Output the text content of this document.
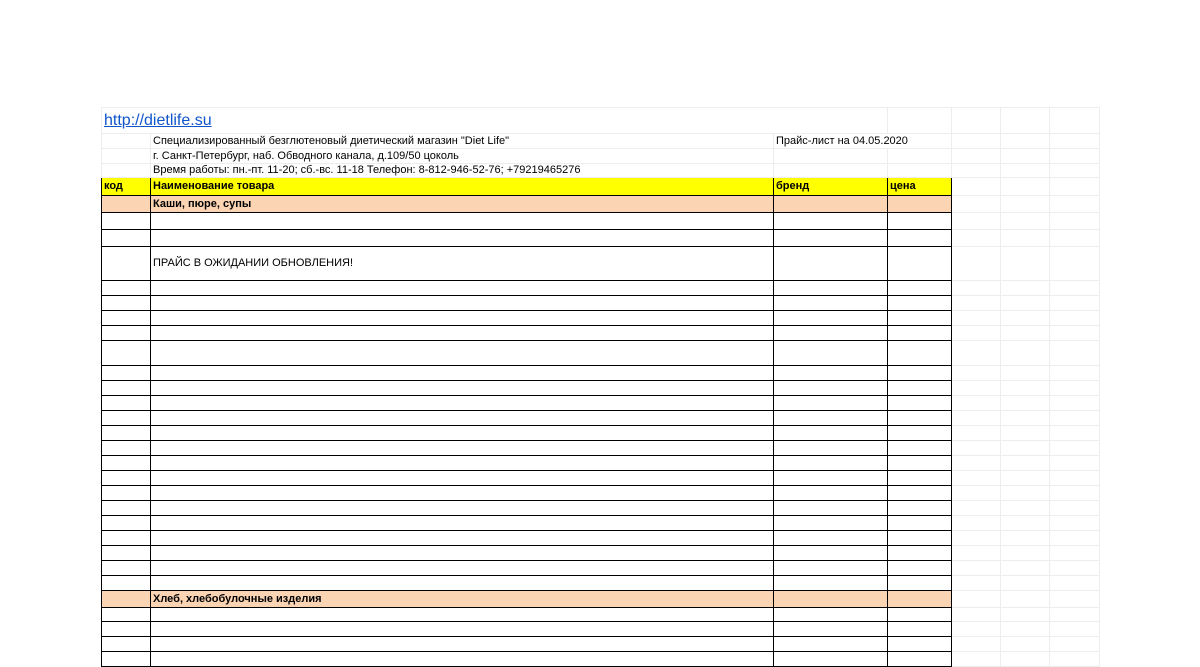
http://dietlife.su						
	Специализированный безглютеновый диетический магазин "Diet Life"	Прайс-лист на 04.05.2020				
	г. Санкт-Петербург, наб. Обводного канала, д.109/50 цоколь					
	Время работы: пн.-пт. 11-20; сб.-вс. 11-18 Телефон: 8-812-946-52-76; +79219465276					
код	Наименование товара	бренд	цена			
	Каши, пюре, супы					

	ПРАЙС В ОЖИДАНИИ ОБНОВЛЕНИЯ!					

	Хлеб, хлебобулочные изделия					
